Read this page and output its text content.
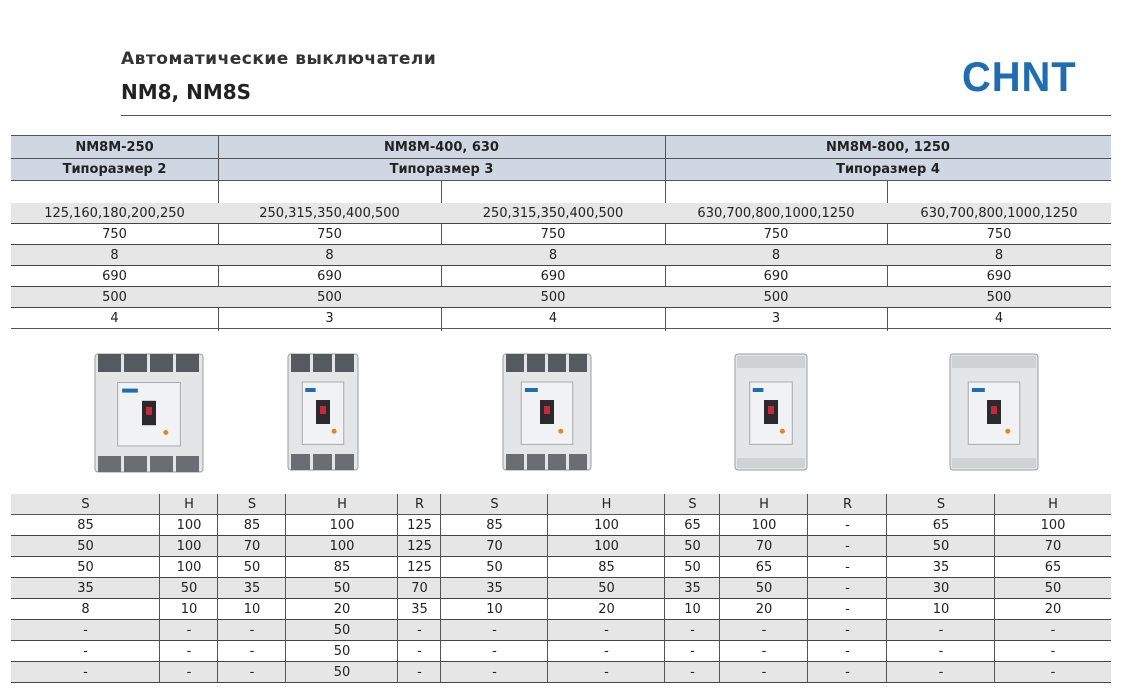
Автоматические выключатели
NM8, NM8S	CHNT
NM8M-250	NM8M-400, 630	NM8M-800, 1250
Типоразмер 2	Типоразмер 3	Типоразмер 4
125,160,180,200,250	250,315,350,400,500	250,315,350,400,500	630,700,800,1000,1250	630,700,800,1000,1250
750	750	750	750	750
8	8	8	8	8
690	690	690	690	690
500	500	500	500	500
4	3	4	3	4
S	H	S	H	R	S	H	S	H	R	S	H
85	100	85	100	125	85	100	65	100	-	65	100
50	100	70	100	125	70	100	50	70	-	50	70
50	100	50	85	125	50	85	50	65	-	35	65
35	50	35	50	70	35	50	35	50	-	30	50
8	10	10	20	35	10	20	10	20	-	10	20
-	-	-	50	-	-	-	-	-	-	-	-
-	-	-	50	-	-	-	-	-	-	-	-
-	-	-	50	-	-	-	-	-	-	-	-
